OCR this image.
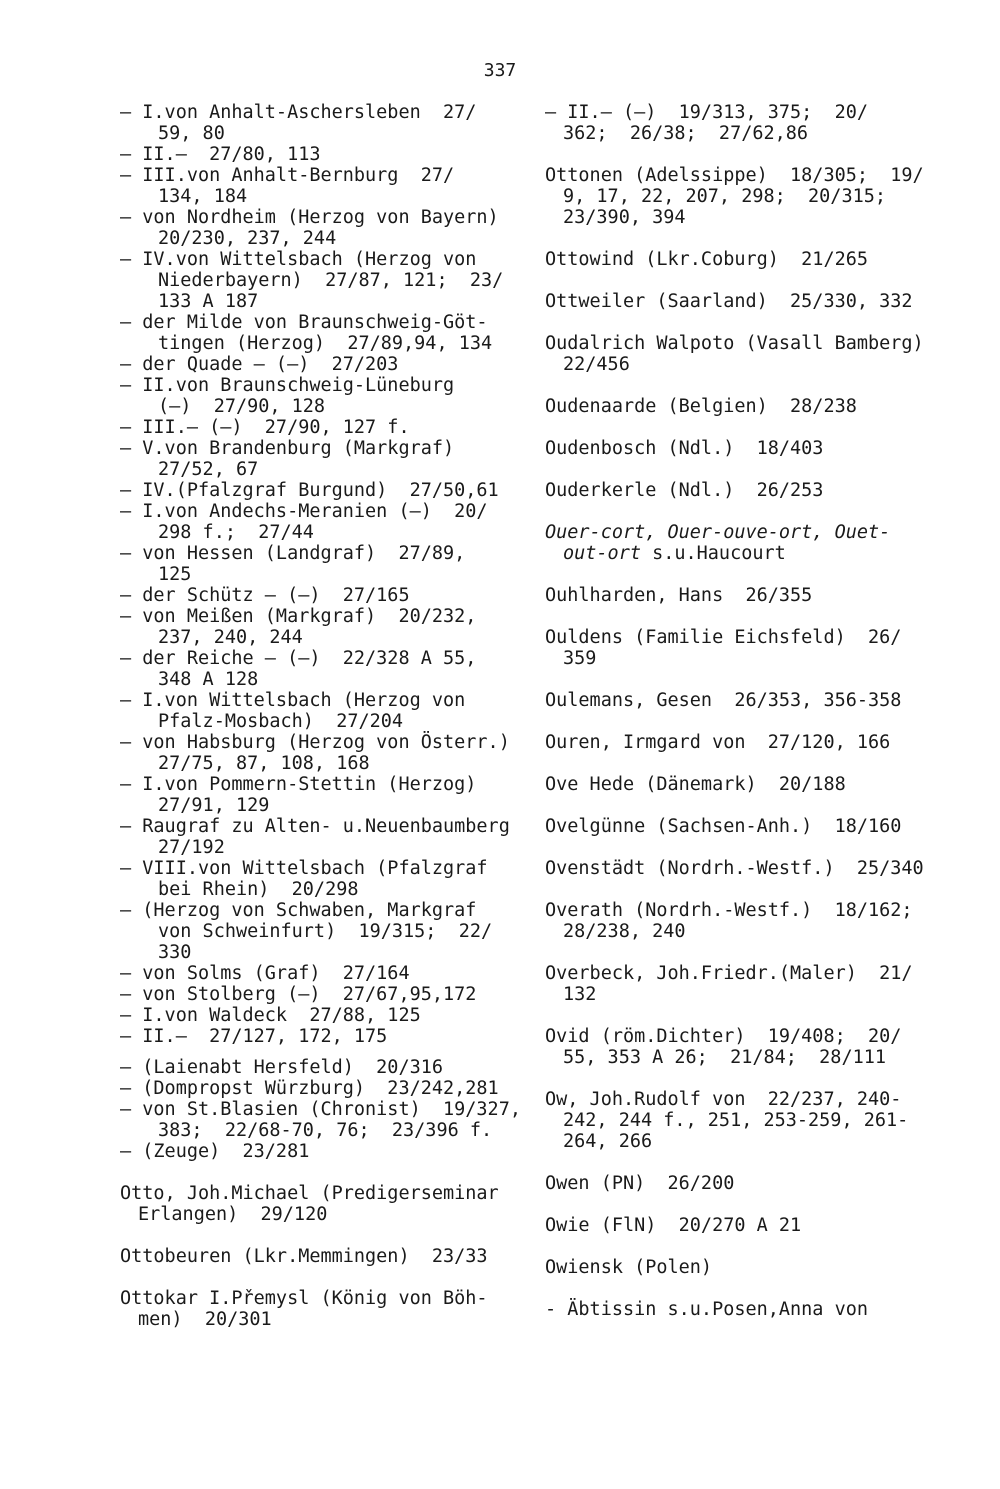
337
— I.von Anhalt-Aschersleben  27/
59, 80
— II.—  27/80, 113
— III.von Anhalt-Bernburg  27/
134, 184
— von Nordheim (Herzog von Bayern)
20/230, 237, 244
— IV.von Wittelsbach (Herzog von
Niederbayern)  27/87, 121;  23/
133 A 187
— der Milde von Braunschweig-Göt-
tingen (Herzog)  27/89,94, 134
— der Quade — (—)  27/203
— II.von Braunschweig-Lüneburg
(—)  27/90, 128
— III.— (—)  27/90, 127 f.
— V.von Brandenburg (Markgraf)
27/52, 67
— IV.(Pfalzgraf Burgund)  27/50,61
— I.von Andechs-Meranien (—)  20/
298 f.;  27/44
— von Hessen (Landgraf)  27/89,
125
— der Schütz — (—)  27/165
— von Meißen (Markgraf)  20/232,
237, 240, 244
— der Reiche — (—)  22/328 A 55,
348 A 128
— I.von Wittelsbach (Herzog von
Pfalz-Mosbach)  27/204
— von Habsburg (Herzog von Österr.)
27/75, 87, 108, 168
— I.von Pommern-Stettin (Herzog)
27/91, 129
— Raugraf zu Alten- u.Neuenbaumberg
27/192
— VIII.von Wittelsbach (Pfalzgraf
bei Rhein)  20/298
— (Herzog von Schwaben, Markgraf
von Schweinfurt)  19/315;  22/
330
— von Solms (Graf)  27/164
— von Stolberg (—)  27/67,95,172
— I.von Waldeck  27/88, 125
— II.—  27/127, 172, 175
— (Laienabt Hersfeld)  20/316
— (Dompropst Würzburg)  23/242,281
— von St.Blasien (Chronist)  19/327,
383;  22/68-70, 76;  23/396 f.
— (Zeuge)  23/281
Otto, Joh.Michael (Predigerseminar
Erlangen)  29/120
Ottobeuren (Lkr.Memmingen)  23/33
Ottokar I.Přemysl (König von Böh-
men)  20/301
— II.— (—)  19/313, 375;  20/
362;  26/38;  27/62,86
Ottonen (Adelssippe)  18/305;  19/
9, 17, 22, 207, 298;  20/315;
23/390, 394
Ottowind (Lkr.Coburg)  21/265
Ottweiler (Saarland)  25/330, 332
Oudalrich Walpoto (Vasall Bamberg)
22/456
Oudenaarde (Belgien)  28/238
Oudenbosch (Ndl.)  18/403
Ouderkerle (Ndl.)  26/253
Ouer-cort, Ouer-ouve-ort, Ouet-
out-ort s.u.Haucourt
Ouhlharden, Hans  26/355
Ouldens (Familie Eichsfeld)  26/
359
Oulemans, Gesen  26/353, 356-358
Ouren, Irmgard von  27/120, 166
Ove Hede (Dänemark)  20/188
Ovelgünne (Sachsen-Anh.)  18/160
Ovenstädt (Nordrh.-Westf.)  25/340
Overath (Nordrh.-Westf.)  18/162;
28/238, 240
Overbeck, Joh.Friedr.(Maler)  21/
132
Ovid (röm.Dichter)  19/408;  20/
55, 353 A 26;  21/84;  28/111
Ow, Joh.Rudolf von  22/237, 240-
242, 244 f., 251, 253-259, 261-
264, 266
Owen (PN)  26/200
Owie (FlN)  20/270 A 21
Owiensk (Polen)
- Äbtissin s.u.Posen,Anna von
